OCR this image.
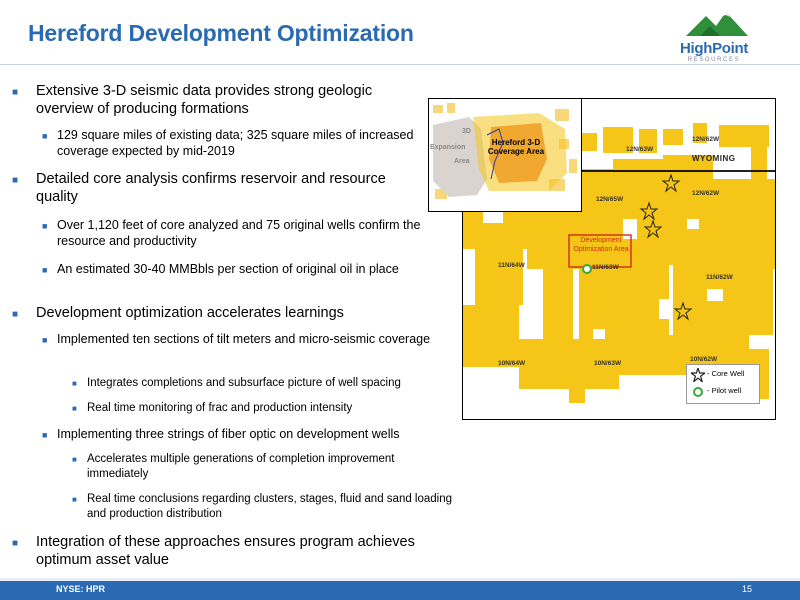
Hereford Development Optimization
HighPoint
RESOURCES
■ Extensive 3-D seismic data provides strong geologic overview of producing formations
■ 129 square miles of existing data; 325 square miles of increased coverage expected by mid-2019
■ Detailed core analysis confirms reservoir and resource quality
■ Over 1,120 feet of core analyzed and 75 original wells confirm the resource and productivity
■ An estimated 30-40 MMBbls per section of original oil in place
■ Development optimization accelerates learnings
■ Implemented ten sections of tilt meters and micro-seismic coverage
■ Integrates completions and subsurface picture of well spacing
■ Real time monitoring of frac and production intensity
■ Implementing three strings of fiber optic on development wells
■ Accelerates multiple generations of completion improvement immediately
■ Real time conclusions regarding clusters, stages, fluid and sand loading and production distribution
■ Integration of these approaches ensures program achieves optimum asset value
WYOMING
12N/62W
12N/63W
12N/65W
12N/62W
11N/64W	11N/63W
11N/62W
10N/64W	10N/63W
10N/62W
Development Optimization Area
- Core Well
- Pilot well
3D
Expansion
Area
Hereford 3-D Coverage Area
NYSE: HPR	15
